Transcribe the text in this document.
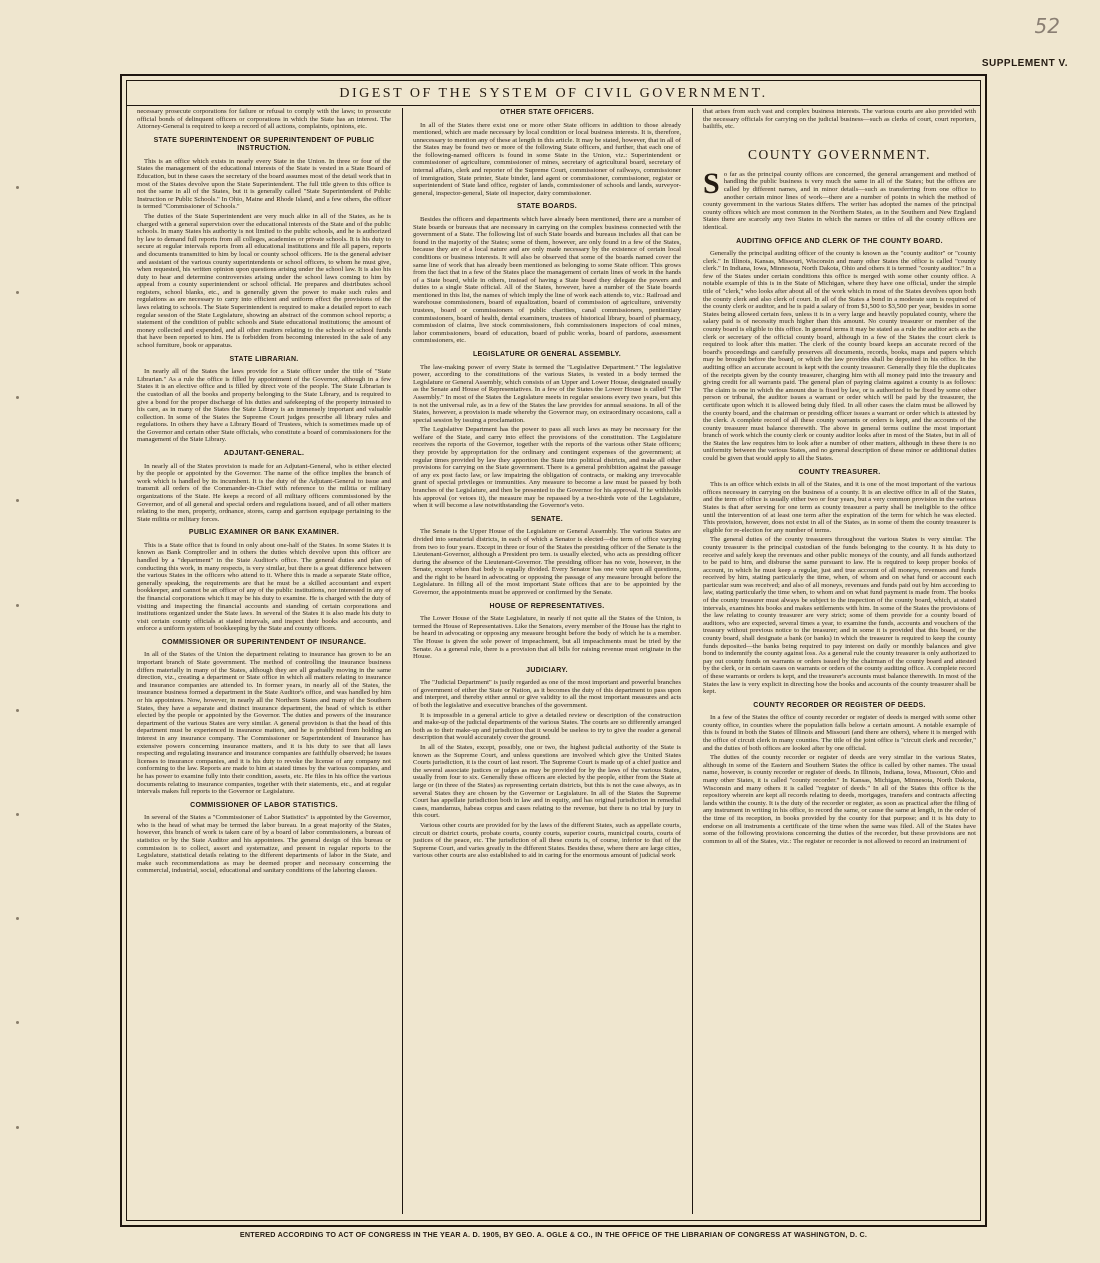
52
SUPPLEMENT V.
DIGEST OF THE SYSTEM OF CIVIL GOVERNMENT.

necessary prosecute corporations for failure or refusal to comply with the laws; to prosecute official bonds of delinquent officers or corporations in which the State has an interest. The Attorney-General is required to keep a record of all actions, complaints, opinions, etc.

STATE SUPERINTENDENT OR SUPERINTENDENT OF PUBLIC INSTRUCTION.

This is an office which exists in nearly every State in the Union. In three or four of the States the management of the educational interests of the State is vested in a State Board of Education, but in these cases the secretary of the board assumes most of the detail work that in most of the States devolve upon the State Superintendent. The full title given to this office is not the same in all of the States, but it is generally called "State Superintendent of Public Instruction or Public Schools." In Ohio, Maine and Rhode Island, and a few others, the officer is termed "Commissioner of Schools."

The duties of the State Superintendent are very much alike in all of the States, as he is charged with a general supervision over the educational interests of the State and of the public schools. In many States his authority is not limited to the public schools, and he is authorized by law to demand full reports from all colleges, academies or private schools. It is his duty to secure at regular intervals reports from all educational institutions and file all papers, reports and documents transmitted to him by local or county school officers. He is the general adviser and assistant of the various county superintendents or school officers, to whom he must give, when requested, his written opinion upon questions arising under the school law. It is also his duty to hear and determine controversies arising under the school laws coming to him by appeal from a county superintendent or school official. He prepares and distributes school registers, school blanks, etc., and is generally given the power to make such rules and regulations as are necessary to carry into efficient and uniform effect the provisions of the laws relating to schools. The State Superintendent is required to make a detailed report to each regular session of the State Legislature, showing an abstract of the common school reports; a statement of the condition of public schools and State educational institutions; the amount of money collected and expended, and all other matters relating to the schools or school funds that have been reported to him. He is forbidden from becoming interested in the sale of any school furniture, book or apparatus.

STATE LIBRARIAN.

In nearly all of the States the laws provide for a State officer under the title of "State Librarian." As a rule the office is filled by appointment of the Governor, although in a few States it is an elective office and is filled by direct vote of the people. The State Librarian is the custodian of all the books and property belonging to the State Library, and is required to give a bond for the proper discharge of his duties and safekeeping of the property intrusted to his care, as in many of the States the State Library is an immensely important and valuable collection. In some of the States the Supreme Court judges prescribe all library rules and regulations. In others they have a Library Board of Trustees, which is sometimes made up of the Governor and certain other State officials, who constitute a board of commissioners for the management of the State Library.

ADJUTANT-GENERAL.

In nearly all of the States provision is made for an Adjutant-General, who is either elected by the people or appointed by the Governor. The name of the office implies the branch of work which is handled by its incumbent. It is the duty of the Adjutant-General to issue and transmit all orders of the Commander-in-Chief with reference to the militia or military organizations of the State. He keeps a record of all military officers commissioned by the Governor, and of all general and special orders and regulations issued, and of all other matters relating to the men, property, ordnance, stores, camp and garrison equipage pertaining to the State militia or military forces.

PUBLIC EXAMINER OR BANK EXAMINER.

This is a State office that is found in only about one-half of the States. In some States it is known as Bank Comptroller and in others the duties which devolve upon this officer are handled by a "department" in the State Auditor's office. The general duties and plan of conducting this work, in many respects, is very similar, but there is a great difference between the various States in the officers who attend to it. Where this is made a separate State office, generally speaking, the requirements are that he must be a skilled accountant and expert bookkeeper, and cannot be an officer of any of the public institutions, nor interested in any of the financial corporations which it may be his duty to examine. He is charged with the duty of visiting and inspecting the financial accounts and standing of certain corporations and institutions organized under the State laws. In several of the States it is also made his duty to visit certain county officials at stated intervals, and inspect their books and accounts, and enforce a uniform system of bookkeeping by the State and county officers.

COMMISSIONER OR SUPERINTENDENT OF INSURANCE.

In all of the States of the Union the department relating to insurance has grown to be an important branch of State government. The method of controlling the insurance business differs materially in many of the States, although they are all gradually moving in the same direction, viz., creating a department or State office in which all matters relating to insurance and insurance companies are attended to. In former years, in nearly all of the States, the insurance business formed a department in the State Auditor's office, and was handled by him or his appointees. Now, however, in nearly all the Northern States and many of the Southern States, they have a separate and distinct insurance department, the head of which is either elected by the people or appointed by the Governor. The duties and powers of the insurance department of the various States are very similar. A general provision is that the head of this department must be experienced in insurance matters, and he is prohibited from holding an interest in any insurance company. The Commissioner or Superintendent of Insurance has extensive powers concerning insurance matters, and it is his duty to see that all laws respecting and regulating insurance and insurance companies are faithfully observed; he issues licenses to insurance companies, and it is his duty to revoke the license of any company not conforming to the law. Reports are made to him at stated times by the various companies, and he has power to examine fully into their condition, assets, etc. He files in his office the various documents relating to insurance companies, together with their statements, etc., and at regular intervals makes full reports to the Governor or Legislature.

COMMISSIONER OF LABOR STATISTICS.

In several of the States a "Commissioner of Labor Statistics" is appointed by the Governor, who is the head of what may be termed the labor bureau. In a great majority of the States, however, this branch of work is taken care of by a board of labor commissioners, a bureau of statistics or by the State Auditor and his appointees. The general design of this bureau or commission is to collect, assort and systematize, and present in regular reports to the Legislature, statistical details relating to the different departments of labor in the State, and make such recommendations as may be deemed proper and necessary concerning the commercial, industrial, social, educational and sanitary conditions of the laboring classes.

OTHER STATE OFFICERS.

In all of the States there exist one or more other State officers in addition to those already mentioned, which are made necessary by local condition or local business interests. It is, therefore, unnecessary to mention any of these at length in this article. It may be stated, however, that in all of the States may be found two or more of the following State officers, and further, that each one of the following-named officers is found in some State in the Union, viz.: Superintendent or commissioner of agriculture, commissioner of mines, secretary of agricultural board, secretary of internal affairs, clerk and reporter of the Supreme Court, commissioner of railways, commissioner of immigration, State printer, State binder, land agent or commissioner, commissioner, register or superintendent of State land office, register of lands, commissioner of schools and lands, surveyor-general, inspector-general, State oil inspector, dairy commissioner.

STATE BOARDS.

Besides the officers and departments which have already been mentioned, there are a number of State boards or bureaus that are necessary in carrying on the complex business connected with the government of a State. The following list of such State boards and bureaus includes all that can be found in the majority of the States; some of them, however, are only found in a few of the States, because they are of a local nature and are only made necessary by the existence of certain local conditions or business interests. It will also be observed that some of the boards named cover the same line of work that has already been mentioned as belonging to some State officer. This grows from the fact that in a few of the States place the management of certain lines of work in the hands of a State board, while in others, instead of having a State board they delegate the powers and duties to a single State official. All of the States, however, have a number of the State boards mentioned in this list, the names of which imply the line of work each attends to, viz.: Railroad and warehouse commissioners, board of equalization, board of commission of agriculture, university trustees, board or commissioners of public charities, canal commissioners, penitentiary commissioners, board of health, dental examiners, trustees of historical library, board of pharmacy, commission of claims, live stock commissioners, fish commissioners inspectors of coal mines, labor commissioners, board of education, board of public works, board of pardons, assessment commissioners, etc.

LEGISLATURE OR GENERAL ASSEMBLY.

The law-making power of every State is termed the "Legislative Department." The legislative power, according to the constitutions of the various States, is vested in a body termed the Legislature or General Assembly, which consists of an Upper and Lower House, designated usually as the Senate and House of Representatives. In a few of the States the Lower House is called "The Assembly." In most of the States the Legislature meets in regular sessions every two years, but this is not the universal rule, as in a few of the States the law provides for annual sessions. In all of the States, however, a provision is made whereby the Governor may, on extraordinary occasions, call a special session by issuing a proclamation.

The Legislative Department has the power to pass all such laws as may be necessary for the welfare of the State, and carry into effect the provisions of the constitution. The Legislature receives the reports of the Governor, together with the reports of the various other State officers; they provide by appropriation for the ordinary and contingent expenses of the government; at regular times provided by law they apportion the State into political districts, and make all other provisions for carrying on the State government. There is a general prohibition against the passage of any ex post facto law, or law impairing the obligation of contracts, or making any irrevocable grant of special privileges or immunities. Any measure to become a law must be passed by both branches of the Legislature, and then be presented to the Governor for his approval. If he withholds his approval (or vetoes it), the measure may be repassed by a two-thirds vote of the Legislature, when it will become a law notwithstanding the Governor's veto.

SENATE.

The Senate is the Upper House of the Legislature or General Assembly. The various States are divided into senatorial districts, in each of which a Senator is elected—the term of office varying from two to four years. Except in three or four of the States the presiding officer of the Senate is the Lieutenant-Governor, although a President pro tem. is usually elected, who acts as presiding officer during the absence of the Lieutenant-Governor. The presiding officer has no vote, however, in the Senate, except when that body is equally divided. Every Senator has one vote upon all questions, and the right to be heard in advocating or opposing the passage of any measure brought before the Legislature. In filling all of the most important State offices that are to be appointed by the Governor, the appointments must be approved or confirmed by the Senate.

HOUSE OF REPRESENTATIVES.

The Lower House of the State Legislature, in nearly if not quite all the States of the Union, is termed the House of Representatives. Like the Senators, every member of the House has the right to be heard in advocating or opposing any measure brought before the body of which he is a member. The House is given the sole power of impeachment, but all impeachments must be tried by the Senate. As a general rule, there is a provision that all bills for raising revenue must originate in the House.

JUDICIARY.

The "Judicial Department" is justly regarded as one of the most important and powerful branches of government of either the State or Nation, as it becomes the duty of this department to pass upon and interpret, and thereby either annul or give validity to all the most important measures and acts of both the legislative and executive branches of the government.

It is impossible in a general article to give a detailed review or description of the construction and make-up of the judicial departments of the various States. The courts are so differently arranged both as to their make-up and jurisdiction that it would be useless to try to give the reader a general description that would accurately cover the ground.

In all of the States, except, possibly, one or two, the highest judicial authority of the State is known as the Supreme Court, and unless questions are involved which give the United States Courts jurisdiction, it is the court of last resort. The Supreme Court is made up of a chief justice and the several associate justices or judges as may be provided for by the laws of the various States, usually from four to six. Generally these officers are elected by the people, either from the State at large or (in three of the States) as representing certain districts, but this is not the case always, as in several States they are chosen by the Governor or Legislature. In all of the States the Supreme Court has appellate jurisdiction both in law and in equity, and has original jurisdiction in remedial cases, mandamus, habeas corpus and cases relating to the revenue, but there is no trial by jury in this court.

Various other courts are provided for by the laws of the different States, such as appellate courts, circuit or district courts, probate courts, county courts, superior courts, municipal courts, courts of justices of the peace, etc. The jurisdiction of all these courts is, of course, inferior to that of the Supreme Court, and varies greatly in the different States. Besides these, where there are large cities, various other courts are also established to aid in caring for the enormous amount of judicial work

that arises from such vast and complex business interests. The various courts are also provided with the necessary officials for carrying on the judicial business—such as clerks of court, court reporters, bailiffs, etc.

COUNTY GOVERNMENT.

So far as the principal county offices are concerned, the general arrangement and method of handling the public business is very much the same in all of the States; but the offices are called by different names, and in minor details—such as transferring from one office to another certain minor lines of work—there are a number of points in which the method of county government in the various States differs. The writer has adopted the names of the principal county offices which are most common in the Northern States, as in the Southern and New England States there are scarcely any two States in which the names or titles of all the county offices are identical.

AUDITING OFFICE AND CLERK OF THE COUNTY BOARD.

Generally the principal auditing officer of the county is known as the "county auditor" or "county clerk." In Illinois, Kansas, Missouri, Wisconsin and many other States the office is called "county clerk." In Indiana, Iowa, Minnesota, North Dakota, Ohio and others it is termed "county auditor." In a few of the States under certain conditions this office is merged with some other county office. A notable example of this is in the State of Michigan, where they have one official, under the simple title of "clerk," who looks after about all of the work which in most of the States devolves upon both the county clerk and also clerk of court. In all of the States a bond in a moderate sum is required of the county clerk or auditor, and he is paid a salary of from $1,500 to $3,500 per year, besides in some States being allowed certain fees, unless it is in a very large and heavily populated county, where the salary paid is of necessity much higher than this amount. No county treasurer or member of the county board is eligible to this office. In general terms it may be stated as a rule the auditor acts as the clerk or secretary of the official county board, although in a few of the States the court clerk is required to look after this matter. The clerk of the county board keeps an accurate record of the board's proceedings and carefully preserves all documents, records, books, maps and papers which may be brought before the board, or which the law provides shall be deposited in his office. In the auditing office an accurate account is kept with the county treasurer. Generally they file the duplicates of the receipts given by the county treasurer, charging him with all money paid into the treasury and giving credit for all warrants paid. The general plan of paying claims against a county is as follows: The claim is one in which the amount due is fixed by law, or is authorized to be fixed by some other person or tribunal, the auditor issues a warrant or order which will be paid by the treasurer, the certificate upon which it is allowed being duly filed. In all other cases the claim must be allowed by the county board, and the chairman or presiding officer issues a warrant or order which is attested by the clerk. A complete record of all these county warrants or orders is kept, and the accounts of the county treasurer must balance therewith. The above in general terms outline the most important branch of work which the county clerk or county auditor looks after in most of the States, but in all of the States the law requires him to look after a number of other matters, although in these there is no uniformity between the various States, and no general description of these minor or additional duties could be given that would apply to all the States.

COUNTY TREASURER.

This is an office which exists in all of the States, and it is one of the most important of the various offices necessary in carrying on the business of a county. It is an elective office in all of the States, and the term of office is usually either two or four years, but a very common provision in the various States is that after serving for one term as county treasurer a party shall be ineligible to the office until the intervention of at least one term after the expiration of the term for which he was elected. This provision, however, does not exist in all of the States, as in some of them the county treasurer is eligible for re-election for any number of terms.

The general duties of the county treasurers throughout the various States is very similar. The county treasurer is the principal custodian of the funds belonging to the county. It is his duty to receive and safely keep the revenues and other public moneys of the county, and all funds authorized to be paid to him, and disburse the same pursuant to law. He is required to keep proper books of account, in which he must keep a regular, just and true account of all moneys, revenues and funds received by him, stating particularly the time, when, of whom and on what fund or account each particular sum was received; and also of all moneys, revenues and funds paid out by him according to law, stating particularly the time when, to whom and on what fund payment is made from. The books of the county treasurer must always be subject to the inspection of the county board, which, at stated intervals, examines his books and makes settlements with him. In some of the States the provisions of the law relating to county treasurer are very strict; some of them provide for a county board of auditors, who are expected, several times a year, to examine the funds, accounts and vouchers of the treasury without previous notice to the treasurer; and in some it is provided that this board, or the county board, shall designate a bank (or banks) in which the treasurer is required to keep the county funds deposited—the banks being required to pay interest on daily or monthly balances and give bond to indemnify the county against loss. As a general rule the county treasurer is only authorized to pay out county funds on warrants or orders issued by the chairman of the county board and attested by the clerk, or in certain cases on warrants or orders of the county auditing office. A complete record of these warrants or orders is kept, and the treasurer's accounts must balance therewith. In most of the States the law is very explicit in directing how the books and accounts of the county treasurer shall be kept.

COUNTY RECORDER OR REGISTER OF DEEDS.

In a few of the States the office of county recorder or register of deeds is merged with some other county office, in counties where the population falls below a certain amount. A notable example of this is found in both the States of Illinois and Missouri (and there are others), where it is merged with the office of circuit clerk in many counties. The title of the joint office is "circuit clerk and recorder," and the duties of both offices are looked after by one official.

The duties of the county recorder or register of deeds are very similar in the various States, although in some of the Eastern and Southern States the office is called by other names. The usual name, however, is county recorder or register of deeds. In Illinois, Indiana, Iowa, Missouri, Ohio and many other States, it is called "county recorder." In Kansas, Michigan, Minnesota, North Dakota, Wisconsin and many others it is called "register of deeds." In all of the States this office is the repository wherein are kept all records relating to deeds, mortgages, transfers and contracts affecting lands within the county. It is the duty of the recorder or register, as soon as practical after the filing of any instrument in writing in his office, to record the same, or cause the same at length, in the order of the time of its reception, in books provided by the county for that purpose; and it is his duty to endorse on all instruments a certificate of the time when the same was filed. All of the States have some of the following provisions concerning the duties of the recorder, but these provisions are not common to all of the States, viz.: The register or recorder is not allowed to record an instrument of

ENTERED ACCORDING TO ACT OF CONGRESS IN THE YEAR A. D. 1905, BY GEO. A. OGLE & CO., IN THE OFFICE OF THE LIBRARIAN OF CONGRESS AT WASHINGTON, D. C.
